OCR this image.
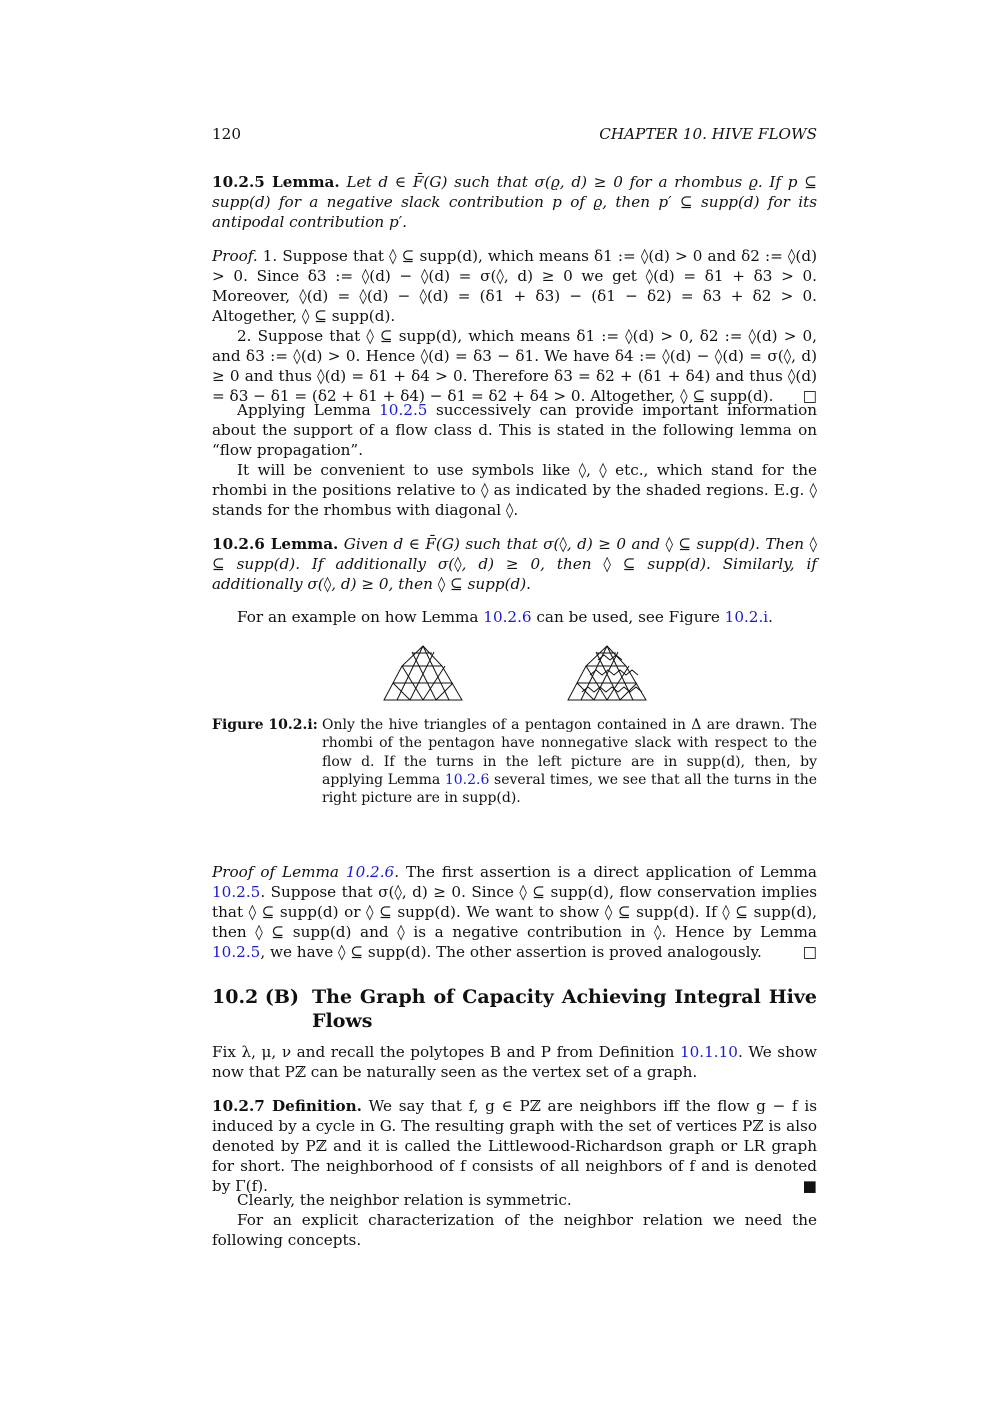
120	CHAPTER 10. HIVE FLOWS
10.2.5 Lemma. Let d ∈ F̄(G) such that σ(ϱ, d) ≥ 0 for a rhombus ϱ. If p ⊆ supp(d) for a negative slack contribution p of ϱ, then p′ ⊆ supp(d) for its antipodal contribution p′.
Proof. 1. Suppose that ◊ ⊆ supp(d), which means δ1 := ◊(d) > 0 and δ2 := ◊(d) > 0. Since δ3 := ◊(d) − ◊(d) = σ(◊, d) ≥ 0 we get ◊(d) = δ1 + δ3 > 0. Moreover, ◊(d) = ◊(d) − ◊(d) = (δ1 + δ3) − (δ1 − δ2) = δ3 + δ2 > 0. Altogether, ◊ ⊆ supp(d).
2. Suppose that ◊ ⊆ supp(d), which means δ1 := ◊(d) > 0, δ2 := ◊(d) > 0, and δ3 := ◊(d) > 0. Hence ◊(d) = δ3 − δ1. We have δ4 := ◊(d) − ◊(d) = σ(◊, d) ≥ 0 and thus ◊(d) = δ1 + δ4 > 0. Therefore δ3 = δ2 + (δ1 + δ4) and thus ◊(d) = δ3 − δ1 = (δ2 + δ1 + δ4) − δ1 = δ2 + δ4 > 0. Altogether, ◊ ⊆ supp(d).	□
Applying Lemma 10.2.5 successively can provide important information about the support of a flow class d. This is stated in the following lemma on “flow propagation”.
It will be convenient to use symbols like ◊, ◊ etc., which stand for the rhombi in the positions relative to ◊ as indicated by the shaded regions. E.g. ◊ stands for the rhombus with diagonal ◊.
10.2.6 Lemma. Given d ∈ F̄(G) such that σ(◊, d) ≥ 0 and ◊ ⊆ supp(d). Then ◊ ⊆ supp(d). If additionally σ(◊, d) ≥ 0, then ◊ ⊆ supp(d). Similarly, if additionally σ(◊, d) ≥ 0, then ◊ ⊆ supp(d).
For an example on how Lemma 10.2.6 can be used, see Figure 10.2.i.
Figure 10.2.i: Only the hive triangles of a pentagon contained in Δ are drawn. The rhombi of the pentagon have nonnegative slack with respect to the flow d. If the turns in the left picture are in supp(d), then, by applying Lemma 10.2.6 several times, we see that all the turns in the right picture are in supp(d).
Proof of Lemma 10.2.6. The first assertion is a direct application of Lemma 10.2.5. Suppose that σ(◊, d) ≥ 0. Since ◊ ⊆ supp(d), flow conservation implies that ◊ ⊆ supp(d) or ◊ ⊆ supp(d). We want to show ◊ ⊆ supp(d). If ◊ ⊆ supp(d), then ◊ ⊆ supp(d) and ◊ is a negative contribution in ◊. Hence by Lemma 10.2.5, we have ◊ ⊆ supp(d). The other assertion is proved analogously.	□
10.2 (B) The Graph of Capacity Achieving Integral Hive Flows
Fix λ, μ, ν and recall the polytopes B and P from Definition 10.1.10. We show now that Pℤ can be naturally seen as the vertex set of a graph.
10.2.7 Definition. We say that f, g ∈ Pℤ are neighbors iff the flow g − f is induced by a cycle in G. The resulting graph with the set of vertices Pℤ is also denoted by Pℤ and it is called the Littlewood-Richardson graph or LR graph for short. The neighborhood of f consists of all neighbors of f and is denoted by Γ(f).	■
Clearly, the neighbor relation is symmetric.
For an explicit characterization of the neighbor relation we need the following concepts.
